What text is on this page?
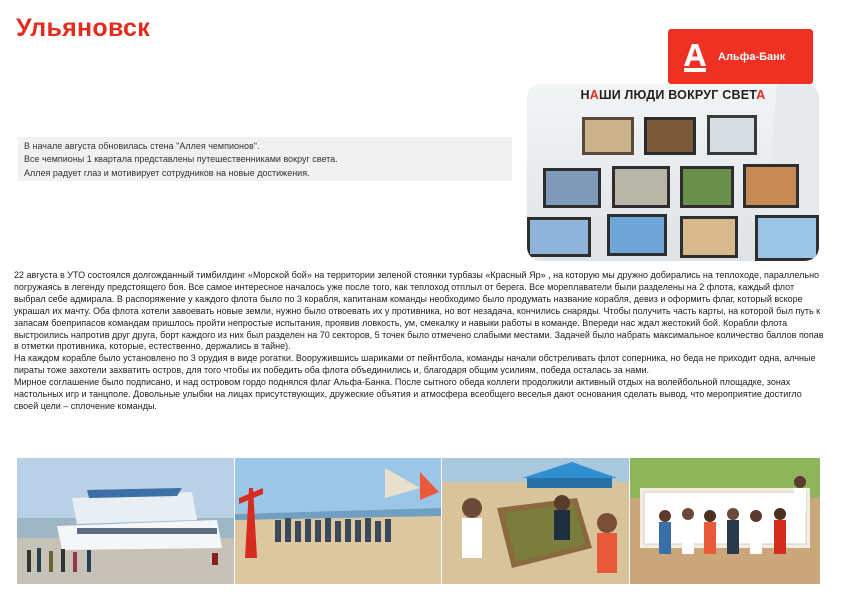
Ульяновск
Альфа-Банк
НАШИ ЛЮДИ ВОКРУГ СВЕТА
В начале августа обновилась стена "Аллея чемпионов".
Все чемпионы 1 квартала представлены путешественниками вокруг света.
Аллея радует глаз и мотивирует сотрудников на новые достижения.

22 августа в УТО состоялся долгожданный тимбилдинг «Морской бой» на территории зеленой стоянки турбазы «Красный Яр» , на которую мы дружно добирались на теплоходе, параллельно погружаясь в легенду предстоящего боя. Все самое интересное началось уже после того, как теплоход отплыл от берега. Все мореплаватели были разделены на 2 флота, каждый флот выбрал себе адмирала. В распоряжение у каждого флота было по 3 корабля, капитанам команды необходимо было продумать название корабля, девиз и оформить флаг, который вскоре украшал их мачту. Оба флота хотели завоевать новые земли, нужно было отвоевать их у противника, но вот незадача, кончились снаряды. Чтобы получить часть карты, на которой был путь к запасам боеприпасов командам пришлось пройти непростые испытания, проявив ловкость, ум, смекалку и навыки работы в команде. Впереди нас ждал жестокий бой. Корабли флота выстроились напротив друг друга, борт каждого из них был разделен на 70 секторов, 5 точек было отмечено слабыми местами. Задачей было набрать максимальное количество баллов попав в отметки противника, которые, естественно, держались в тайне).

На каждом корабле было установлено по 3 орудия в виде рогатки. Вооружившись шариками от пейнтбола, команды начали обстреливать флот соперника, но беда не приходит одна, алчные пираты тоже захотели захватить остров, для того чтобы их победить оба флота объединились и, благодаря общим усилиям, победа осталась за нами.

Мирное соглашение было подписано, и над островом гордо поднялся флаг Альфа-Банка. После сытного обеда коллеги продолжили активный отдых на волейбольной площадке, зонах настольных игр и танцполе. Довольные улыбки на лицах присутствующих, дружеские объятия и атмосфера всеобщего веселья дают основания сделать вывод, что мероприятие достигло своей цели – сплочение команды.
